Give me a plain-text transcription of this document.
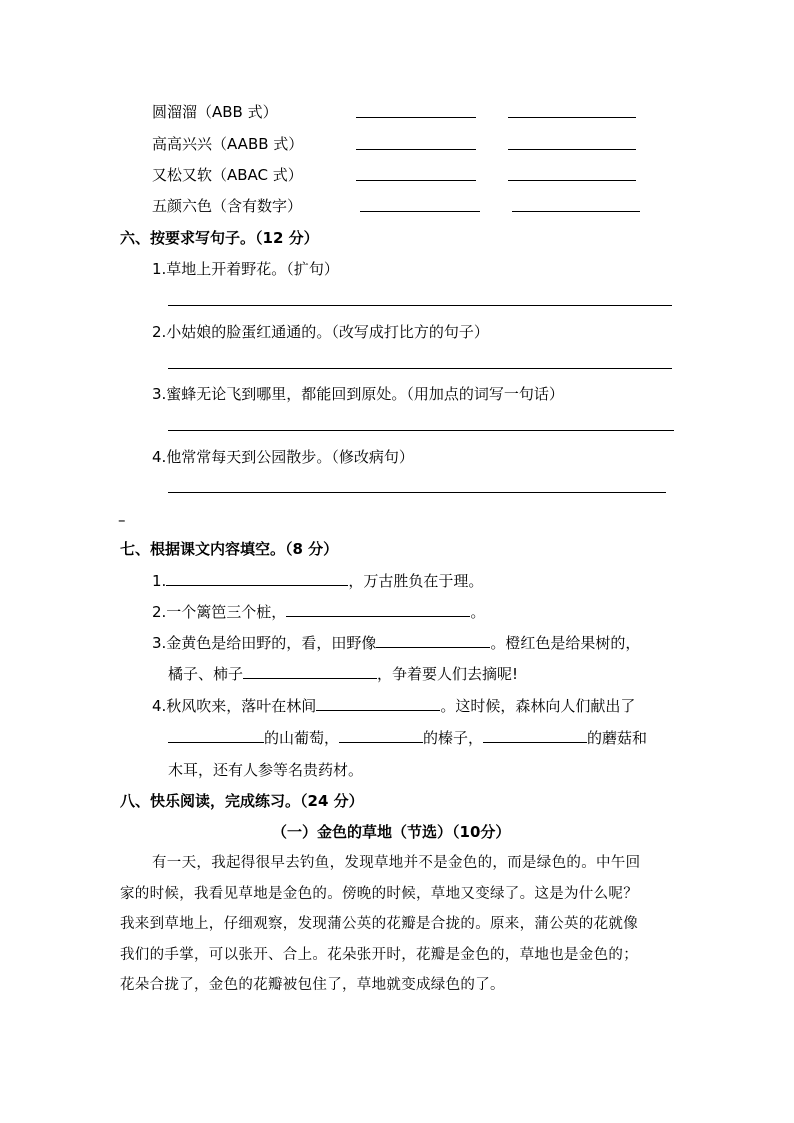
圆溜溜（ABB 式）
高高兴兴（AABB 式）
又松又软（ABAC 式）
五颜六色（含有数字）
六、按要求写句子。（12 分）
1.草地上开着野花。（扩句）
2.小姑娘的脸蛋红通通的。（改写成打比方的句子）
3.蜜蜂无论飞到哪里，都能回到原处。（用加点的词写一句话）
4.他常常每天到公园散步。（修改病句）
–
七、根据课文内容填空。（8 分）
1.	，万古胜负在于理。
2.一个篱笆三个桩，	。
3.金黄色是给田野的，看，田野像	。橙红色是给果树的，
橘子、柿子	，争着要人们去摘呢!
4.秋风吹来，落叶在林间	。这时候，森林向人们献出了
的山葡萄，	的榛子，	的蘑菇和
木耳，还有人参等名贵药材。
八、快乐阅读，完成练习。（24 分）
（一）金色的草地（节选）（10分）
有一天，我起得很早去钓鱼，发现草地并不是金色的，而是绿色的。中午回
家的时候，我看见草地是金色的。傍晚的时候，草地又变绿了。这是为什么呢？
我来到草地上，仔细观察，发现蒲公英的花瓣是合拢的。原来，蒲公英的花就像
我们的手掌，可以张开、合上。花朵张开时，花瓣是金色的，草地也是金色的；
花朵合拢了，金色的花瓣被包住了，草地就变成绿色的了。
